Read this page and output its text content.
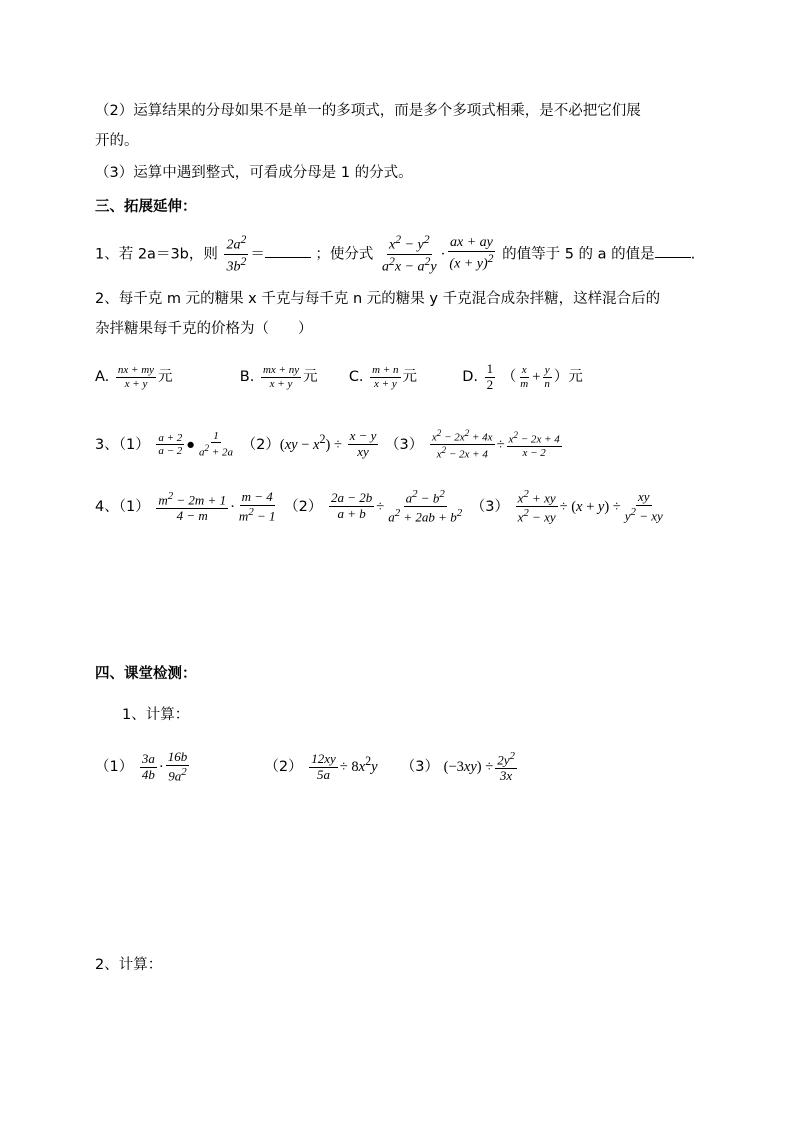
（2）运算结果的分母如果不是单一的多项式，而是多个多项式相乘，是不必把它们展
开的。
（3）运算中遇到整式，可看成分母是 1 的分式。
三、拓展延伸：
1、若 2a＝3b，则 $\frac{2a^2}{3b^2}$ ＝	；使分式 $\frac{x^2 - y^2}{a^2x - a^2y} \cdot \frac{ax + ay}{(x + y)^2}$ 的值等于 5 的 a 的值是 .
2、每千克 m 元的糖果 x 千克与每千克 n 元的糖果 y 千克混合成杂拌糖，这样混合后的
杂拌糖果每千克的价格为（　　）
A. $\frac{nx + my}{x + y}$ 元	B. $\frac{mx + ny}{x + y}$ 元 C. $\frac{m + n}{x + y}$ 元	D. $\frac{1}{2}$ （ $\frac{x}{m} + \frac{y}{n}$ ）元
3、$(1) \frac{a + 2}{a - 2}$ ● $\frac{1}{a^2 + 2a} (2)(xy - x^2) \div \frac{x - y}{xy} (3) \frac{x^2 - 2x^2 + 4x}{x^2 - 2x + 4} \div \frac{x^2 - 2x + 4}{x - 2}$
4、$(1) \frac{m^2 - 2m + 1}{4 - m} \cdot \frac{m - 4}{m^2 - 1} (2) \frac{2a - 2b}{a + b} \div \frac{a^2 - b^2}{a^2 + 2ab + b^2} (3) \frac{x^2 + xy}{x^2 - xy} \div (x + y) \div \frac{xy}{y^2 - xy}$
四、课堂检测：
1、计算：
$(1) \frac{3a}{4b} \cdot \frac{16b}{9a^2}$	$(2) \frac{12xy}{5a} \div 8x^2y$ （3） $(-3xy) \div \frac{2y^2}{3x}$
2、计算：
